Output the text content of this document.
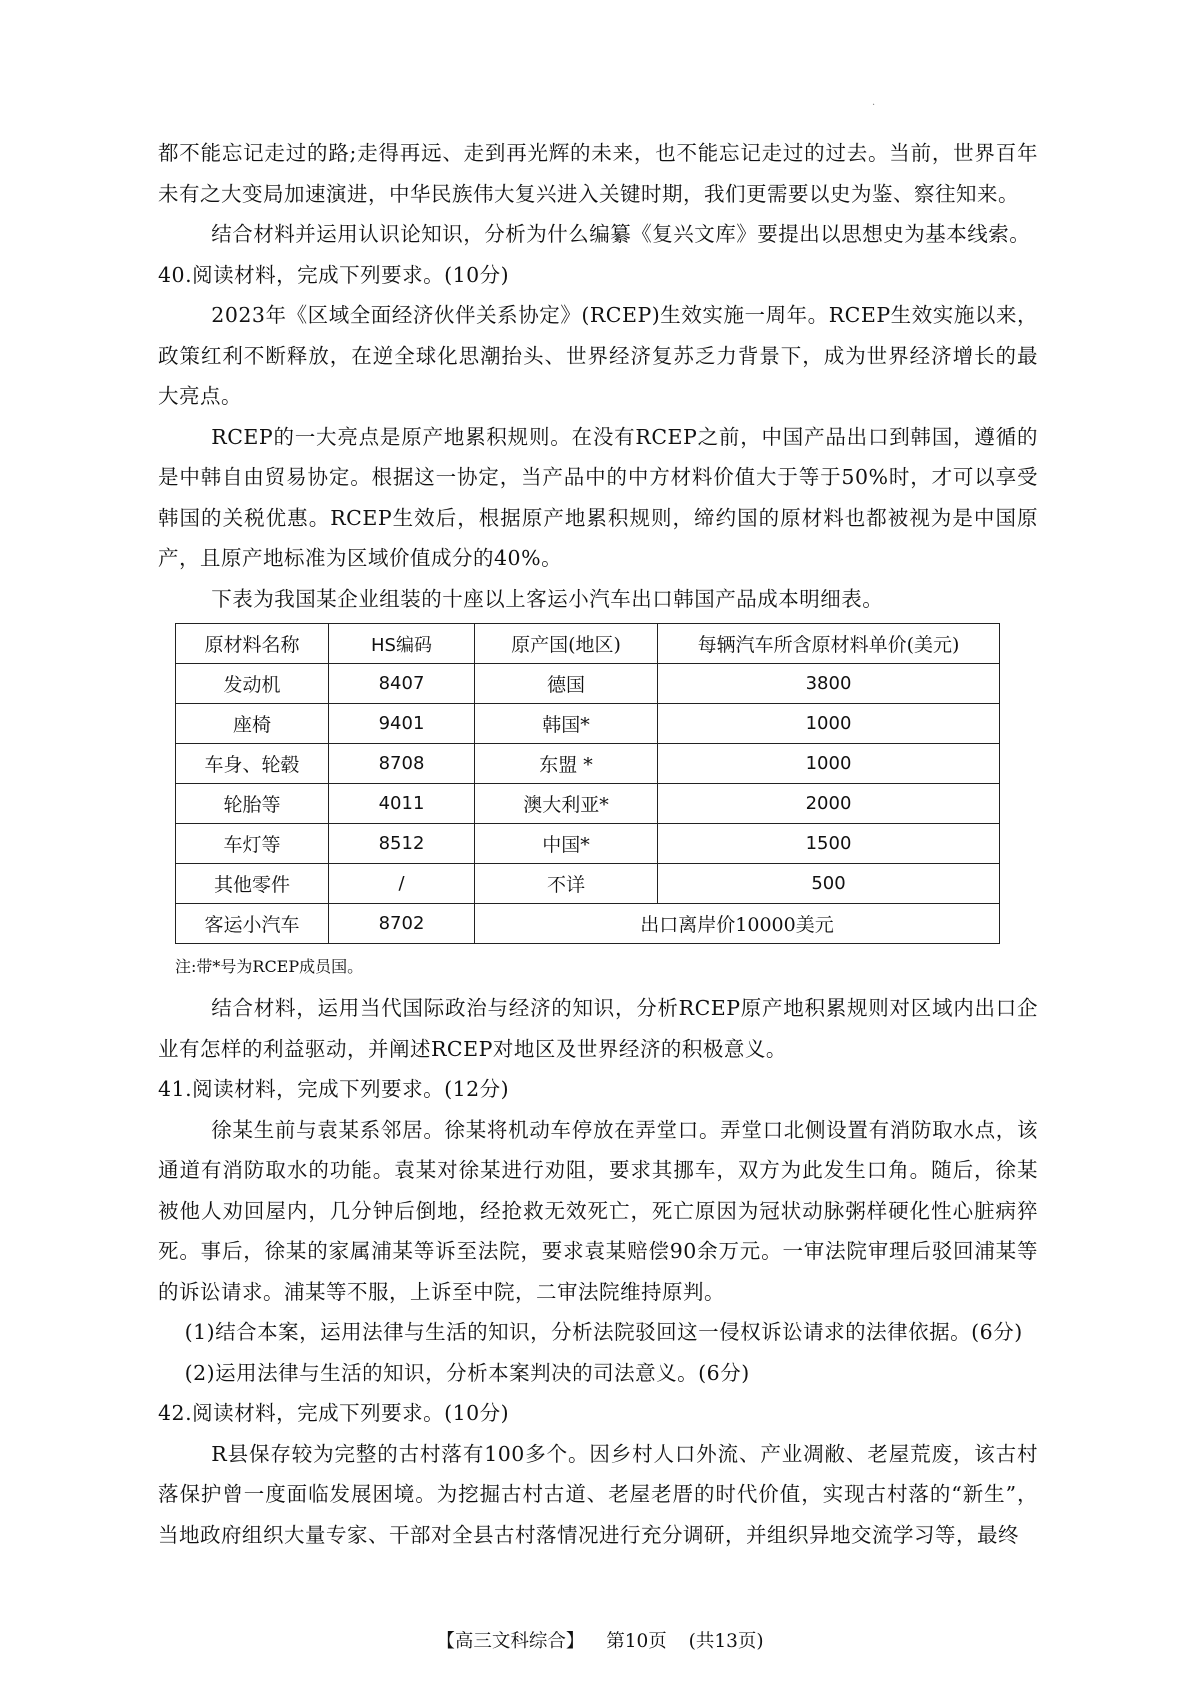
·

都不能忘记走过的路;走得再远、走到再光辉的未来，也不能忘记走过的过去。当前，世界百年未有之大变局加速演进，中华民族伟大复兴进入关键时期，我们更需要以史为鉴、察往知来。

结合材料并运用认识论知识，分析为什么编纂《复兴文库》要提出以思想史为基本线索。

40.阅读材料，完成下列要求。(10分)

2023年《区域全面经济伙伴关系协定》(RCEP)生效实施一周年。RCEP生效实施以来，政策红利不断释放，在逆全球化思潮抬头、世界经济复苏乏力背景下，成为世界经济增长的最大亮点。

RCEP的一大亮点是原产地累积规则。在没有RCEP之前，中国产品出口到韩国，遵循的是中韩自由贸易协定。根据这一协定，当产品中的中方材料价值大于等于50%时，才可以享受韩国的关税优惠。RCEP生效后，根据原产地累积规则，缔约国的原材料也都被视为是中国原产，且原产地标准为区域价值成分的40%。

下表为我国某企业组装的十座以上客运小汽车出口韩国产品成本明细表。

原材料名称	HS编码	原产国(地区)	每辆汽车所含原材料单价(美元)
发动机	8407	德国	3800
座椅	9401	韩国*	1000
车身、轮毂	8708	东盟 *	1000
轮胎等	4011	澳大利亚*	2000
车灯等	8512	中国*	1500
其他零件	/	不详	500
客运小汽车	8702	出口离岸价10000美元	
注:带*号为RCEP成员国。

结合材料，运用当代国际政治与经济的知识，分析RCEP原产地积累规则对区域内出口企业有怎样的利益驱动，并阐述RCEP对地区及世界经济的积极意义。

41.阅读材料，完成下列要求。(12分)

徐某生前与袁某系邻居。徐某将机动车停放在弄堂口。弄堂口北侧设置有消防取水点，该通道有消防取水的功能。袁某对徐某进行劝阻，要求其挪车，双方为此发生口角。随后，徐某被他人劝回屋内，几分钟后倒地，经抢救无效死亡，死亡原因为冠状动脉粥样硬化性心脏病猝死。事后，徐某的家属浦某等诉至法院，要求袁某赔偿90余万元。一审法院审理后驳回浦某等的诉讼请求。浦某等不服，上诉至中院，二审法院维持原判。

(1)结合本案，运用法律与生活的知识，分析法院驳回这一侵权诉讼请求的法律依据。(6分)

(2)运用法律与生活的知识，分析本案判决的司法意义。(6分)

42.阅读材料，完成下列要求。(10分)

R县保存较为完整的古村落有100多个。因乡村人口外流、产业凋敝、老屋荒废，该古村落保护曾一度面临发展困境。为挖掘古村古道、老屋老厝的时代价值，实现古村落的“新生”，当地政府组织大量专家、干部对全县古村落情况进行充分调研，并组织异地交流学习等，最终

【高三文科综合】 第10页 (共13页)
